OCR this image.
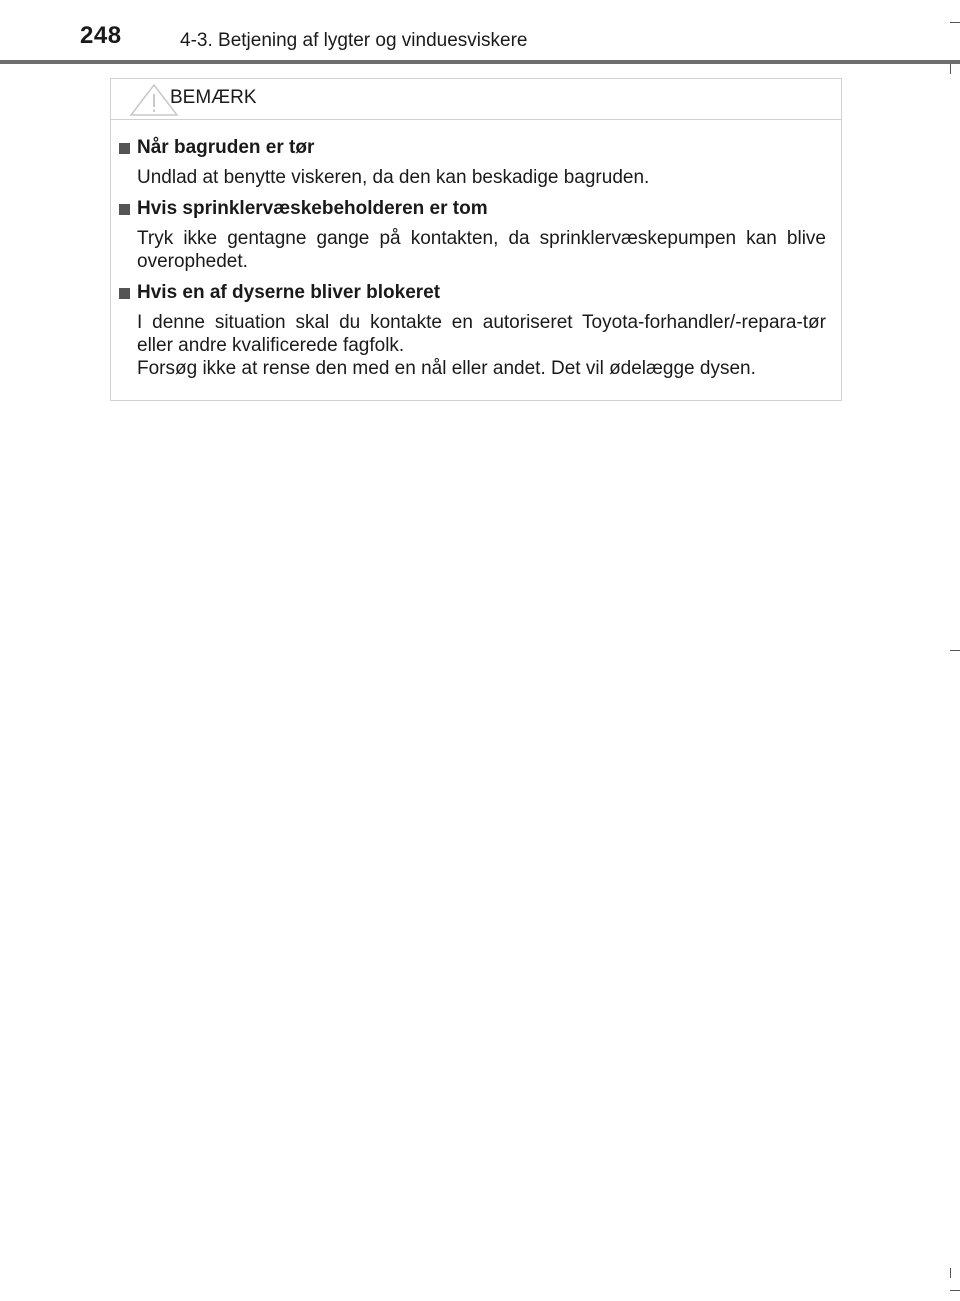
248	4-3. Betjening af lygter og vinduesviskere
BEMÆRK
Når bagruden er tør

Undlad at benytte viskeren, da den kan beskadige bagruden.

Hvis sprinklervæskebeholderen er tom

Tryk ikke gentagne gange på kontakten, da sprinklervæskepumpen kan blive overophedet.

Hvis en af dyserne bliver blokeret

I denne situation skal du kontakte en autoriseret Toyota-forhandler/-repara-tør eller andre kvalificerede fagfolk.

Forsøg ikke at rense den med en nål eller andet. Det vil ødelægge dysen.
